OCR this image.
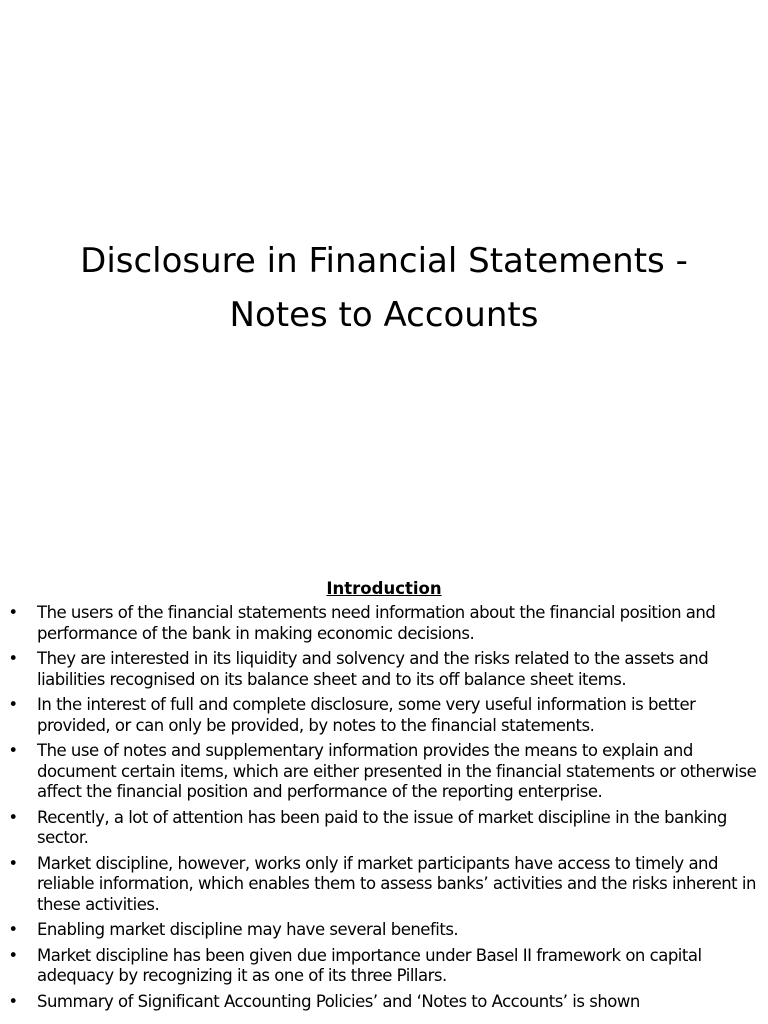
Disclosure in Financial Statements -
Notes to Accounts
Introduction
• The users of the financial statements need information about the financial position and performance of the bank in making economic decisions.
• They are interested in its liquidity and solvency and the risks related to the assets and liabilities recognised on its balance sheet and to its off balance sheet items.
• In the interest of full and complete disclosure, some very useful information is better provided, or can only be provided, by notes to the financial statements.
• The use of notes and supplementary information provides the means to explain and document certain items, which are either presented in the financial statements or otherwise affect the financial position and performance of the reporting enterprise.
• Recently, a lot of attention has been paid to the issue of market discipline in the banking sector.
• Market discipline, however, works only if market participants have access to timely and reliable information, which enables them to assess banks’ activities and the risks inherent in these activities.
• Enabling market discipline may have several benefits.
• Market discipline has been given due importance under Basel II framework on capital adequacy by recognizing it as one of its three Pillars.
• Summary of Significant Accounting Policies’ and ‘Notes to Accounts’ is shown
